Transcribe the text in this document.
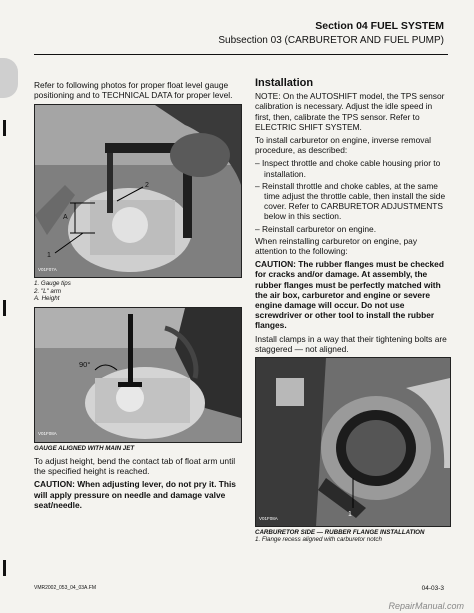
Section 04 FUEL SYSTEM
Subsection 03 (CARBURETOR AND FUEL PUMP)

Refer to following photos for proper float level gauge positioning and to TECHNICAL DATA for proper level.

2
1
A
V01F07A
1. Gauge tips
2. "L" arm
A. Height
90°
V01F08A
GAUGE ALIGNED WITH MAIN JET

To adjust height, bend the contact tab of float arm until the specified height is reached.

CAUTION: When adjusting lever, do not pry it. This will apply pressure on needle and damage valve seat/needle.

Installation

NOTE: On the AUTOSHIFT model, the TPS sensor calibration is necessary. Adjust the idle speed in first, then, calibrate the TPS sensor. Refer to ELECTRIC SHIFT SYSTEM.

To install carburetor on engine, inverse removal procedure, as described:

– Inspect throttle and choke cable housing prior to installation.
– Reinstall throttle and choke cables, at the same time adjust the throttle cable, then install the side cover. Refer to CARBURETOR ADJUSTMENTS below in this section.
– Reinstall carburetor on engine.

When reinstalling carburetor on engine, pay attention to the following:

CAUTION: The rubber flanges must be checked for cracks and/or damage. At assembly, the rubber flanges must be perfectly matched with the air box, carburetor and engine or severe engine damage will occur. Do not use screwdriver or other tool to install the rubber flanges.

Install clamps in a way that their tightening bolts are staggered — not aligned.

1
V01F08A
CARBURETOR SIDE — RUBBER FLANGE INSTALLATION
1. Flange recess aligned with carburetor notch
VMR2002_053_04_03A.FM	04-03-3
RepairManual.com
